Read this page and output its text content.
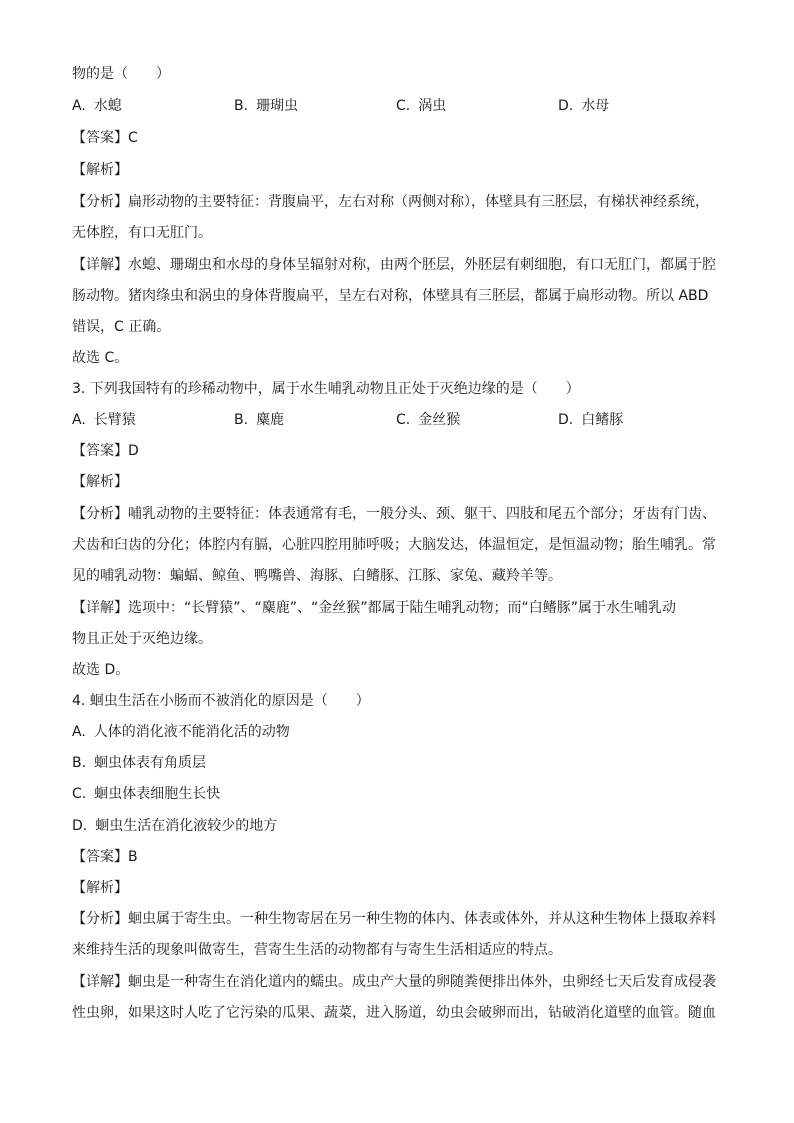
物的是（　　）
A. 水螅	B. 珊瑚虫	C. 涡虫	D. 水母
【答案】C
【解析】
【分析】扁形动物的主要特征：背腹扁平，左右对称（两侧对称），体壁具有三胚层，有梯状神经系统，
无体腔，有口无肛门。
【详解】水螅、珊瑚虫和水母的身体呈辐射对称，由两个胚层，外胚层有刺细胞，有口无肛门，都属于腔
肠动物。猪肉绦虫和涡虫的身体背腹扁平，呈左右对称，体壁具有三胚层，都属于扁形动物。所以 ABD
错误，C 正确。
故选 C。
3. 下列我国特有的珍稀动物中，属于水生哺乳动物且正处于灭绝边缘的是（　　）
A. 长臂猿	B. 麋鹿	C. 金丝猴	D. 白鳍豚
【答案】D
【解析】
【分析】哺乳动物的主要特征：体表通常有毛，一般分头、颈、躯干、四肢和尾五个部分；牙齿有门齿、
犬齿和臼齿的分化；体腔内有膈，心脏四腔用肺呼吸；大脑发达，体温恒定，是恒温动物；胎生哺乳。常
见的哺乳动物：蝙蝠、鲸鱼、鸭嘴兽、海豚、白鳍豚、江豚、家兔、藏羚羊等。
【详解】选项中：“长臂猿”、“麋鹿”、“金丝猴”都属于陆生哺乳动物；而“白鳍豚”属于水生哺乳动
物且正处于灭绝边缘。
故选 D。
4. 蛔虫生活在小肠而不被消化的原因是（　　）
A. 人体的消化液不能消化活的动物
B. 蛔虫体表有角质层
C. 蛔虫体表细胞生长快
D. 蛔虫生活在消化液较少的地方
【答案】B
【解析】
【分析】蛔虫属于寄生虫。一种生物寄居在另一种生物的体内、体表或体外，并从这种生物体上摄取养料
来维持生活的现象叫做寄生，营寄生生活的动物都有与寄生生活相适应的特点。
【详解】蛔虫是一种寄生在消化道内的蠕虫。成虫产大量的卵随粪便排出体外，虫卵经七天后发育成侵袭
性虫卵，如果这时人吃了它污染的瓜果、蔬菜，进入肠道，幼虫会破卵而出，钻破消化道壁的血管。随血
